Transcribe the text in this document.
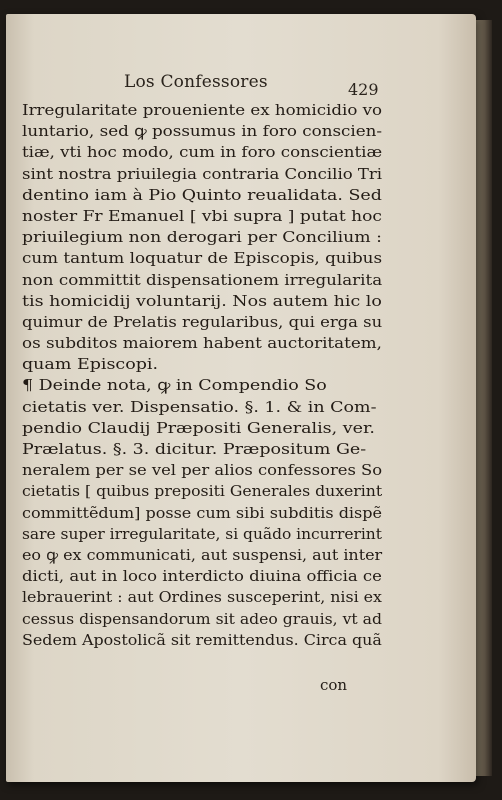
Los Confessores	429
Irregularitate proueniente ex homicidio vo
luntario, sed ꝙ possumus in foro conscien-
tiæ, vti hoc modo, cum in foro conscientiæ
sint nostra priuilegia contraria Concilio Tri
dentino iam à Pio Quinto reualidata. Sed
noster Fr Emanuel [ vbi supra ] putat hoc
priuilegium non derogari per Concilium :
cum tantum loquatur de Episcopis, quibus
non committit dispensationem irregularita
tis homicidij voluntarij. Nos autem hic lo
quimur de Prelatis regularibus, qui erga su
os subditos maiorem habent auctoritatem,
quam Episcopi.
¶ Deinde nota, ꝙ in Compendio So
cietatis ver. Dispensatio. §. 1. & in Com-
pendio Claudij Præpositi Generalis, ver.
Prælatus. §. 3. dicitur. Præpositum Ge-
neralem per se vel per alios confessores So
cietatis [ quibus prepositi Generales duxerint
committẽdum] posse cum sibi subditis dispẽ
sare super irregularitate, si quãdo incurrerint
eo ꝙ ex communicati, aut suspensi, aut inter
dicti, aut in loco interdicto diuina officia ce
lebrauerint : aut Ordines susceperint, nisi ex
cessus dispensandorum sit adeo grauis, vt ad
Sedem Apostolicã sit remittendus. Circa quã
con
